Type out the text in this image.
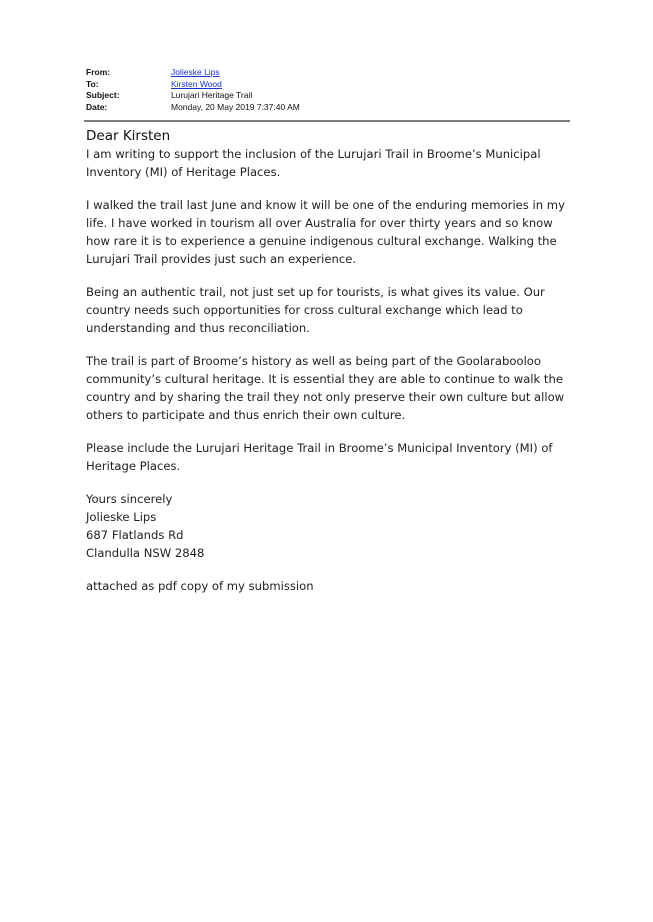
From:	Jolieske Lips
To:	Kirsten Wood
Subject:	Lurujari Heritage Trail
Date:	Monday, 20 May 2019 7:37:40 AM

Dear Kirsten

I am writing to support the inclusion of the Lurujari Trail in Broome’s Municipal Inventory (MI) of Heritage Places.

I walked the trail last June and know it will be one of the enduring memories in my life. I have worked in tourism all over Australia for over thirty years and so know how rare it is to experience a genuine indigenous cultural exchange. Walking the Lurujari Trail provides just such an experience.

Being an authentic trail, not just set up for tourists, is what gives its value. Our country needs such opportunities for cross cultural exchange which lead to understanding and thus reconciliation.

The trail is part of Broome’s history as well as being part of the Goolarabooloo community’s cultural heritage. It is essential they are able to continue to walk the country and by sharing the trail they not only preserve their own culture but allow others to participate and thus enrich their own culture.

Please include the Lurujari Heritage Trail in Broome’s Municipal Inventory (MI) of Heritage Places.

Yours sincerely
Jolieske Lips
687 Flatlands Rd
Clandulla NSW 2848

attached as pdf copy of my submission
